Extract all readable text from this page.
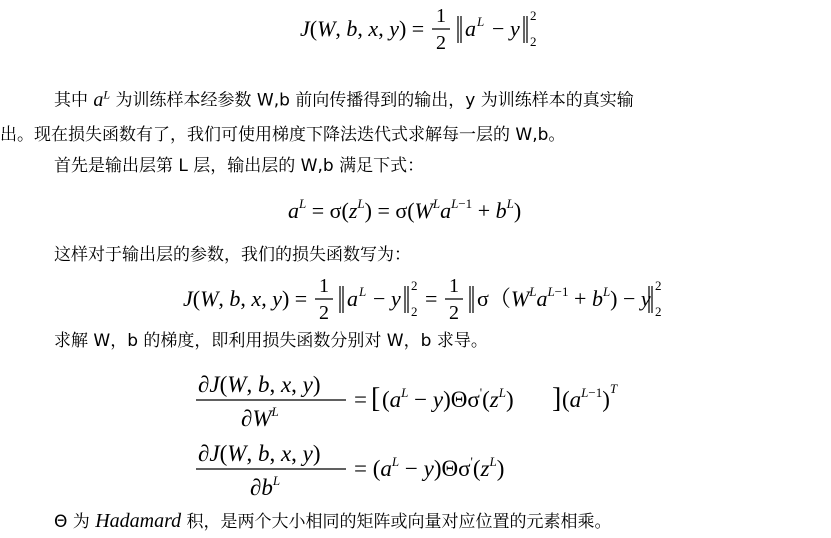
J(W, b, x, y) = 1
2
a L − y
2
2
其中 $a^L$ 为训练样本经参数 W,b 前向传播得到的输出，y 为训练样本的真实输
出。现在损失函数有了，我们可使用梯度下降法迭代式求解每一层的 W,b。
首先是输出层第 L 层，输出层的 W,b 满足下式：
$a^L = \sigma(z^L) = \sigma(W^La^L-1 + b^L)$
这样对于输出层的参数，我们的损失函数写为：
J(W, b, x, y) = 1
2
a L − y
2
2
= 1
2
$\sigma(W^La^L-1 + b^L) - y$
2
2
求解 W，b 的梯度，即利用损失函数分别对 W，b 求导。
∂J(W, b, x, y)
$\partial W^L$	= [ $(a^L - y)\Theta\sigma'(z^L)$ ] $(a^L-1)^T$
∂J(W, b, x, y)
$\partial b^L$	= $(a^L - y)\Theta\sigma'(z^L)$
Θ 为 Hadamard 积，是两个大小相同的矩阵或向量对应位置的元素相乘。
